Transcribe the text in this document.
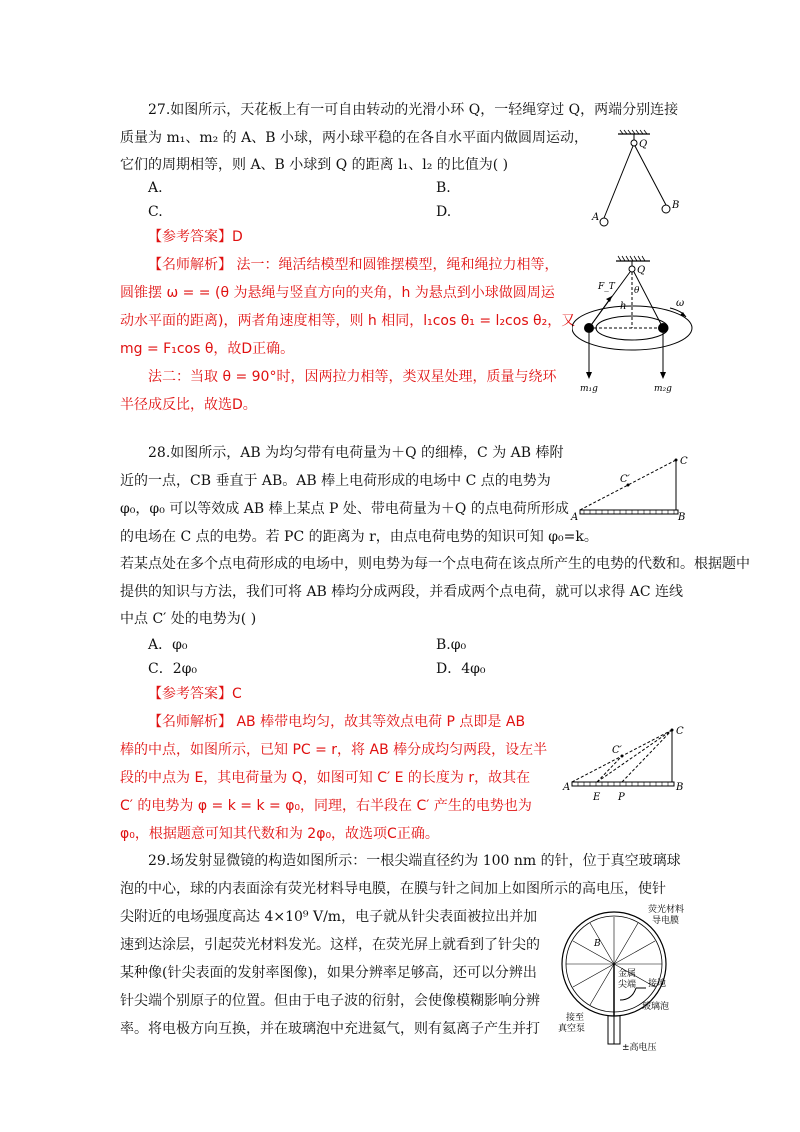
27.如图所示，天花板上有一可自由转动的光滑小环 Q，一轻绳穿过 Q，两端分别连接
质量为 m₁、m₂ 的 A、B 小球，两小球平稳的在各自水平面内做圆周运动，
它们的周期相等，则 A、B 小球到 Q 的距离 l₁、l₂ 的比值为( )
A.	B.
C.	D.
【参考答案】D
【名师解析】 法一：绳活结模型和圆锥摆模型，绳和绳拉力相等，
圆锥摆 ω = = (θ 为悬绳与竖直方向的夹角，h 为悬点到小球做圆周运
动水平面的距离)，两者角速度相等，则 h 相同，l₁cos θ₁ = l₂cos θ₂，又
mg = F₁cos θ，故D正确。
法二：当取 θ = 90°时，因两拉力相等，类双星处理，质量与绕环
半径成反比，故选D。
Q
A
B
Q
F_T θ
h	ω
m₁g	m₂g
28.如图所示，AB 为均匀带有电荷量为＋Q 的细棒，C 为 AB 棒附
近的一点，CB 垂直于 AB。AB 棒上电荷形成的电场中 C 点的电势为
φ₀，φ₀ 可以等效成 AB 棒上某点 P 处、带电荷量为＋Q 的点电荷所形成
的电场在 C 点的电势。若 PC 的距离为 r，由点电荷电势的知识可知 φ₀=k。
若某点处在多个点电荷形成的电场中，则电势为每一个点电荷在该点所产生的电势的代数和。根据题中
提供的知识与方法，我们可将 AB 棒均分成两段，并看成两个点电荷，就可以求得 AC 连线
中点 C′ 处的电势为( )
A．φ₀	B.φ₀
C．2φ₀	D．4φ₀
【参考答案】C
【名师解析】 AB 棒带电均匀，故其等效点电荷 P 点即是 AB
棒的中点，如图所示，已知 PC = r，将 AB 棒分成均匀两段，设左半
段的中点为 E，其电荷量为 Q，如图可知 C′ E 的长度为 r，故其在
C′ 的电势为 φ = k = k = φ₀，同理，右半段在 C′ 产生的电势也为
φ₀，根据题意可知其代数和为 2φ₀，故选项C正确。
C
C′
A	B
C
C′
A
E P
B
29.场发射显微镜的构造如图所示：一根尖端直径约为 100 nm 的针，位于真空玻璃球
泡的中心，球的内表面涂有荧光材料导电膜，在膜与针之间加上如图所示的高电压，使针
尖附近的电场强度高达 4×10⁹ V/m，电子就从针尖表面被拉出并加
速到达涂层，引起荧光材料发光。这样，在荧光屏上就看到了针尖的
某种像(针尖表面的发射率图像)，如果分辨率足够高，还可以分辨出
针尖端个别原子的位置。但由于电子波的衍射，会使像模糊影响分辨
率。将电极方向互换，并在玻璃泡中充进氦气，则有氦离子产生并打
荧光材料
导电膜
B
金属
尖端 接地
玻璃泡
接至
真空泵
±高电压
